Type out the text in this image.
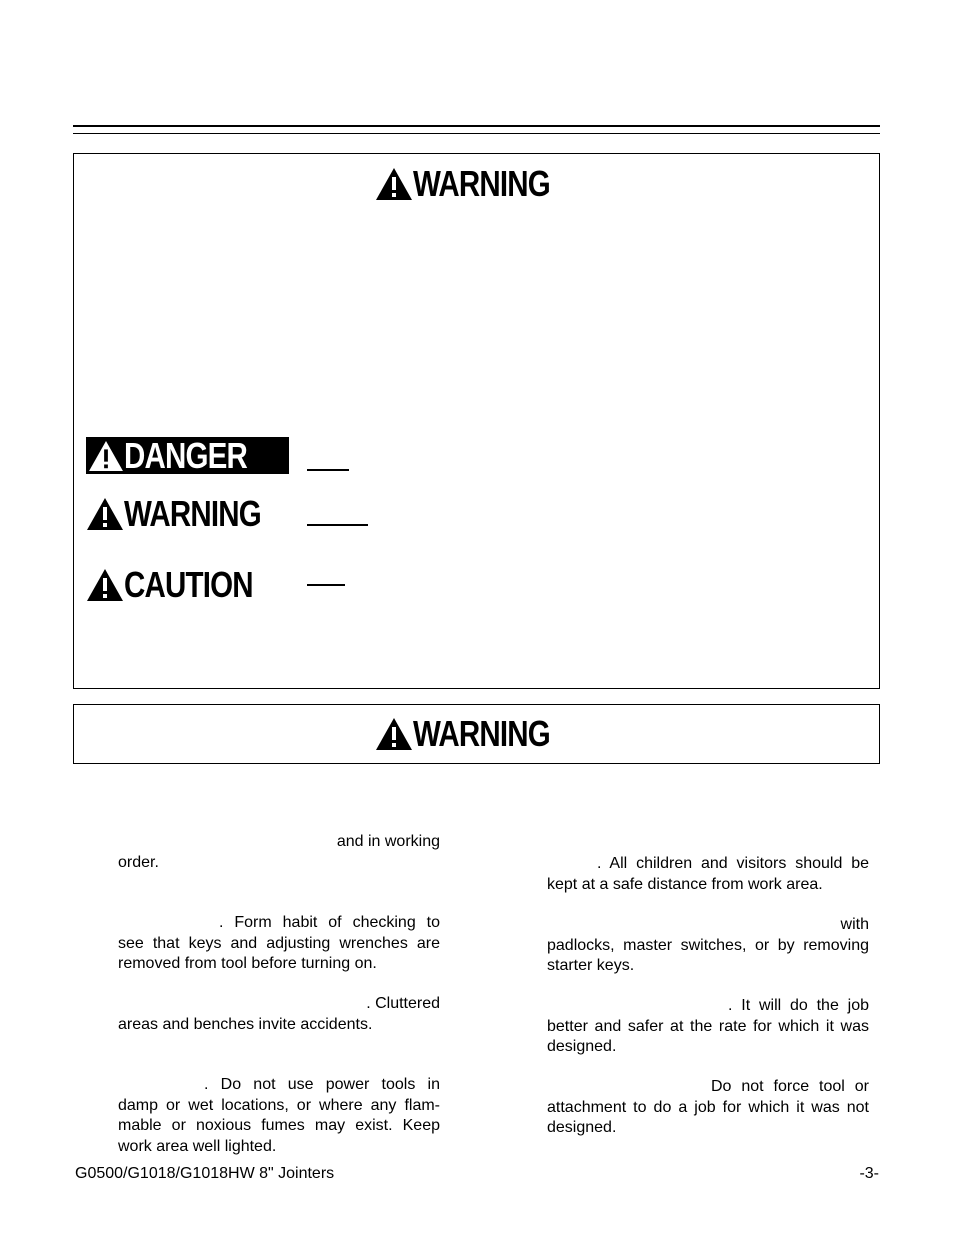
WARNING
DANGER
WARNING
CAUTION
WARNING
and in working
order.
. Form habit of checking to
see that keys and adjusting wrenches are
removed from tool before turning on.
. Cluttered
areas and benches invite accidents.
. Do not use power tools in
damp or wet locations, or where any flam-
mable or noxious fumes may exist. Keep
work area well lighted.
. All children and visitors should be
kept at a safe distance from work area.
with
padlocks, master switches, or by removing
starter keys.
. It will do the job
better and safer at the rate for which it was
designed.
Do not force tool or
attachment to do a job for which it was not
designed.
G0500/G1018/G1018HW 8" Jointers	-3-
